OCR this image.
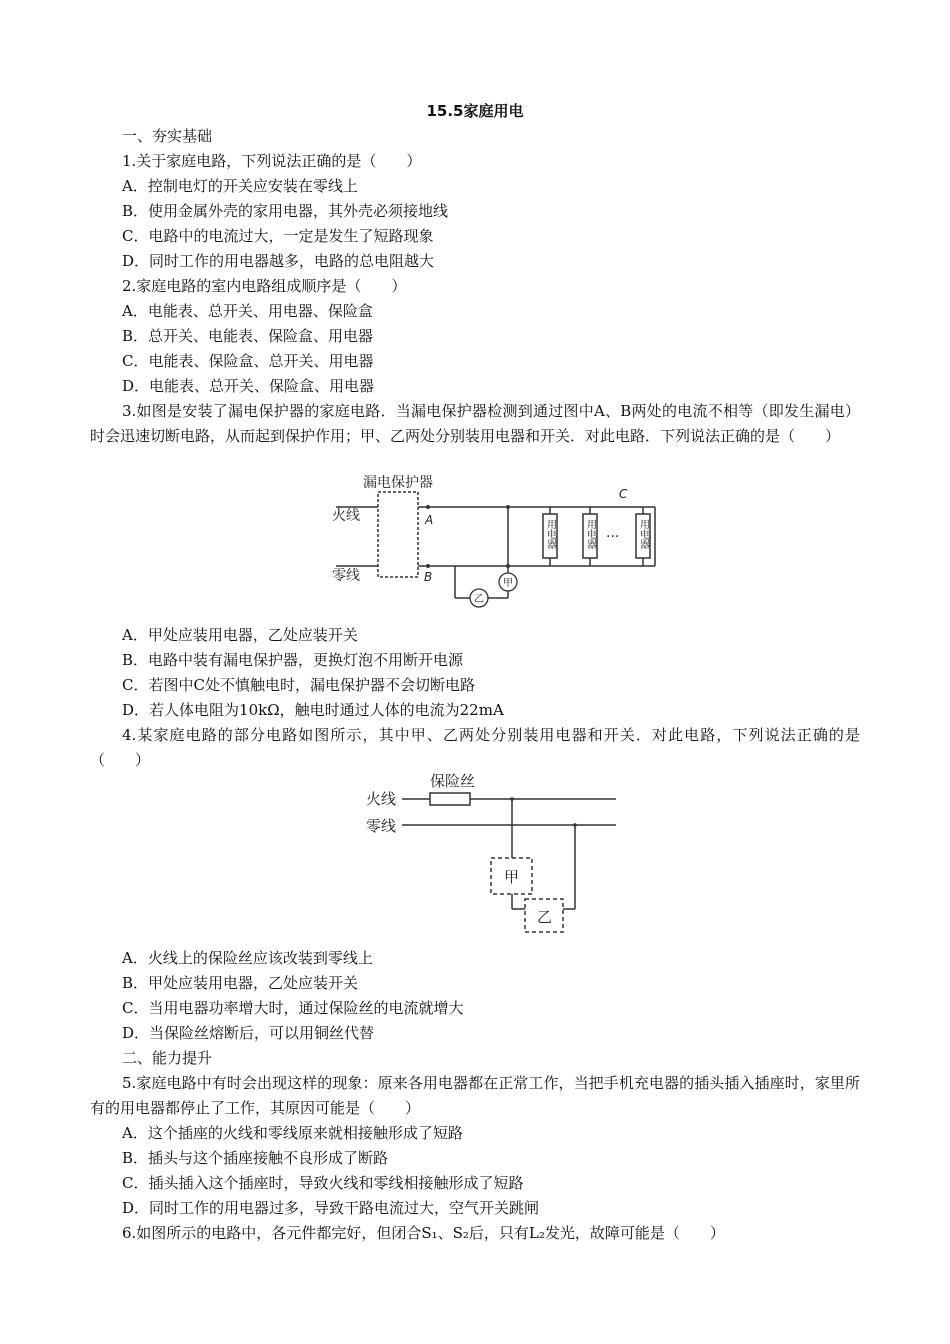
15.5家庭用电
一、夯实基础
1.关于家庭电路，下列说法正确的是（　　）
A．控制电灯的开关应安装在零线上
B．使用金属外壳的家用电器，其外壳必须接地线
C．电路中的电流过大，一定是发生了短路现象
D．同时工作的用电器越多，电路的总电阻越大
2.家庭电路的室内电路组成顺序是（　　）
A．电能表、总开关、用电器、保险盒
B．总开关、电能表、保险盒、用电器
C．电能表、保险盒、总开关、用电器
D．电能表、总开关、保险盒、用电器
3.如图是安装了漏电保护器的家庭电路．当漏电保护器检测到通过图中A、B两处的电流不相等（即发生漏电）时会迅速切断电路，从而起到保护作用；甲、乙两处分别装用电器和开关．对此电路．下列说法正确的是（　　）
漏电保护器
火线
零线
A
B
C
用电器	用电器	用电器
···
甲
乙
A．甲处应装用电器，乙处应装开关
B．电路中装有漏电保护器，更换灯泡不用断开电源
C．若图中C处不慎触电时，漏电保护器不会切断电路
D．若人体电阻为10kΩ，触电时通过人体的电流为22mA
4.某家庭电路的部分电路如图所示，其中甲、乙两处分别装用电器和开关．对此电路，下列说法正确的是（　　）
保险丝
火线
零线
甲
乙
A．火线上的保险丝应该改装到零线上
B．甲处应装用电器，乙处应装开关
C．当用电器功率增大时，通过保险丝的电流就增大
D．当保险丝熔断后，可以用铜丝代替
二、能力提升
5.家庭电路中有时会出现这样的现象：原来各用电器都在正常工作，当把手机充电器的插头插入插座时，家里所有的用电器都停止了工作，其原因可能是（　　）
A．这个插座的火线和零线原来就相接触形成了短路
B．插头与这个插座接触不良形成了断路
C．插头插入这个插座时，导致火线和零线相接触形成了短路
D．同时工作的用电器过多，导致干路电流过大，空气开关跳闸
6.如图所示的电路中，各元件都完好，但闭合S₁、S₂后，只有L₂发光，故障可能是（　　）
